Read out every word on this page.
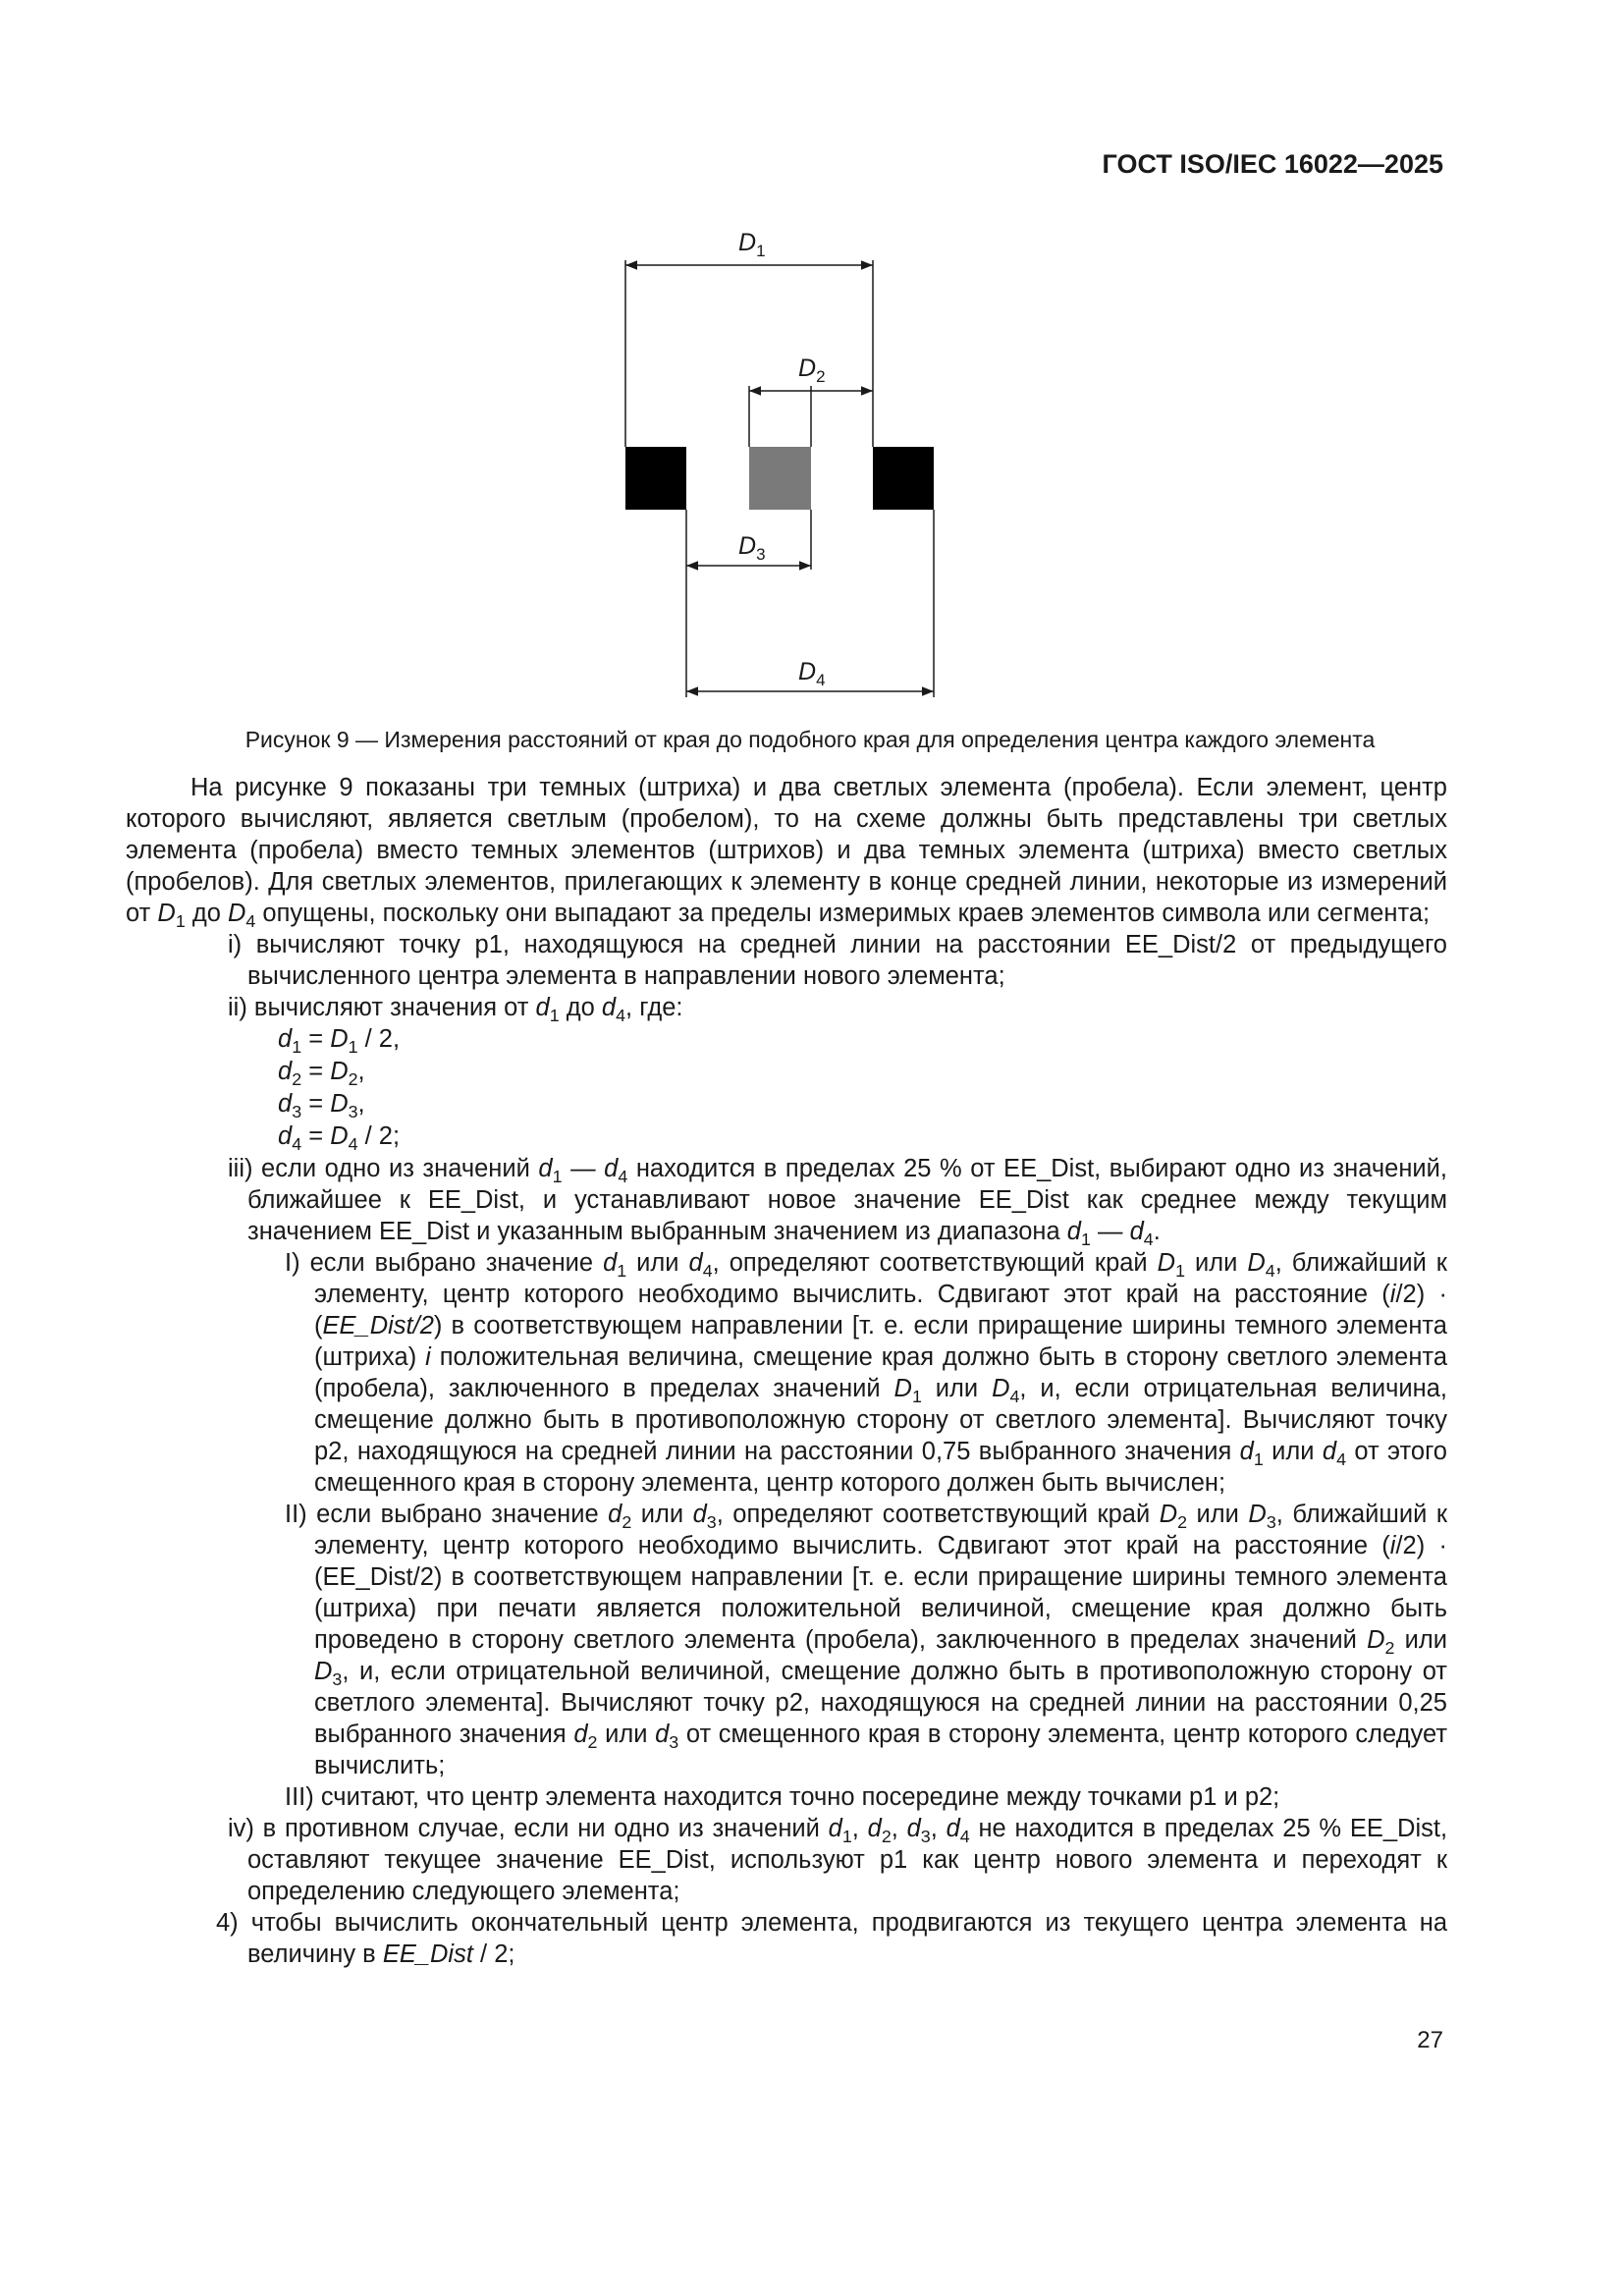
ГОСТ ISO/IEC 16022—2025
$D_1$
$D_2$
$D_3$
$D_4$
Рисунок 9 — Измерения расстояний от края до подобного края для определения центра каждого элемента

На рисунке 9 показаны три темных (штриха) и два светлых элемента (пробела). Если элемент, центр которого вычисляют, является светлым (пробелом), то на схеме должны быть представлены три светлых элемента (пробела) вместо темных элементов (штрихов) и два темных элемента (штриха) вместо светлых (пробелов). Для светлых элементов, прилегающих к элементу в конце средней линии, некоторые из измерений от $D_1$ до $D_4$ опущены, поскольку они выпадают за пределы измеримых краев элементов символа или сегмента;

i) вычисляют точку р1, находящуюся на средней линии на расстоянии EE_Dist/2 от предыдущего вычисленного центра элемента в направлении нового элемента;

ii) вычисляют значения от $d_1$ до $d_4$, где:

$d_1 = D_1 / 2$,

$d_2 = D_2$,

$d_3 = D_3$,

$d_4 = D_4 / 2$;

iii) если одно из значений $d_1$ — $d_4$ находится в пределах 25 % от EE_Dist, выбирают одно из значений, ближайшее к EE_Dist, и устанавливают новое значение EE_Dist как среднее между текущим значением EE_Dist и указанным выбранным значением из диапазона $d_1$ — $d_4$.

I) если выбрано значение $d_1$ или $d_4$, определяют соответствующий край $D_1$ или $D_4$, ближайший к элементу, центр которого необходимо вычислить. Сдвигают этот край на расстояние (i/2) · (EE_Dist/2) в соответствующем направлении [т. е. если приращение ширины темного элемента (штриха) i положительная величина, смещение края должно быть в сторону светлого элемента (пробела), заключенного в пределах значений $D_1$ или $D_4$, и, если отрицательная величина, смещение должно быть в противоположную сторону от светлого элемента]. Вычисляют точку р2, находящуюся на средней линии на расстоянии 0,75 выбранного значения $d_1$ или $d_4$ от этого смещенного края в сторону элемента, центр которого должен быть вычислен;

II) если выбрано значение $d_2$ или $d_3$, определяют соответствующий край $D_2$ или $D_3$, ближайший к элементу, центр которого необходимо вычислить. Сдвигают этот край на расстояние (i/2) · (EE_Dist/2) в соответствующем направлении [т. е. если приращение ширины темного элемента (штриха) при печати является положительной величиной, смещение края должно быть проведено в сторону светлого элемента (пробела), заключенного в пределах значений $D_2$ или $D_3$, и, если отрицательной величиной, смещение должно быть в противоположную сторону от светлого элемента]. Вычисляют точку р2, находящуюся на средней линии на расстоянии 0,25 выбранного значения $d_2$ или $d_3$ от смещенного края в сторону элемента, центр которого следует вычислить;

III) считают, что центр элемента находится точно посередине между точками р1 и р2;

iv) в противном случае, если ни одно из значений $d_1$, $d_2$, $d_3$, $d_4$ не находится в пределах 25 % EE_Dist, оставляют текущее значение EE_Dist, используют р1 как центр нового элемента и переходят к определению следующего элемента;

4) чтобы вычислить окончательный центр элемента, продвигаются из текущего центра элемента на величину в EE_Dist / 2;

27
